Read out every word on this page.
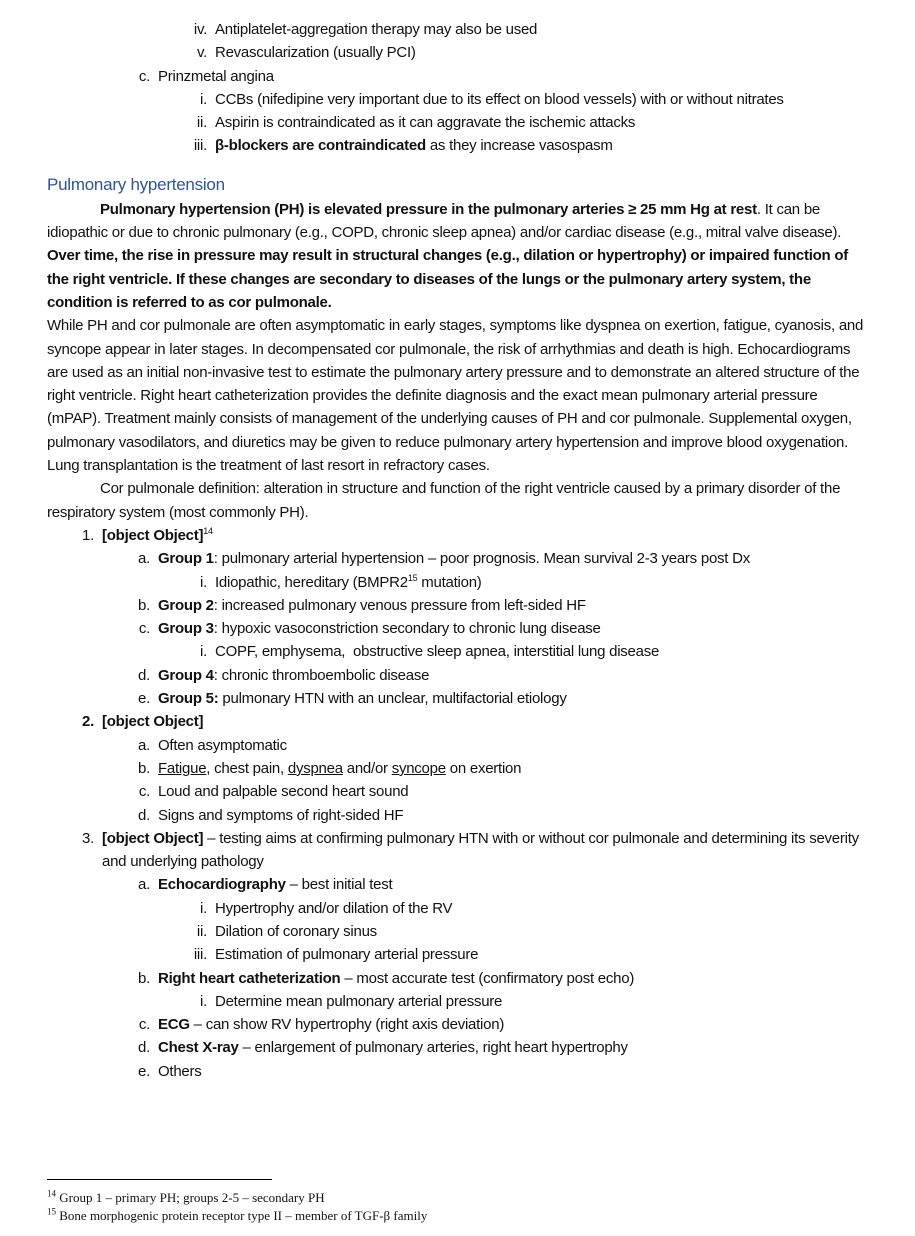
iv. Antiplatelet-aggregation therapy may also be used
v. Revascularization (usually PCI)
c. Prinzmetal angina
i. CCBs (nifedipine very important due to its effect on blood vessels) with or without nitrates
ii. Aspirin is contraindicated as it can aggravate the ischemic attacks
iii. β-blockers are contraindicated as they increase vasospasm
Pulmonary hypertension

Pulmonary hypertension (PH) is elevated pressure in the pulmonary arteries ≥ 25 mm Hg at rest. It can be idiopathic or due to chronic pulmonary (e.g., COPD, chronic sleep apnea) and/or cardiac disease (e.g., mitral valve disease). Over time, the rise in pressure may result in structural changes (e.g., dilation or hypertrophy) or impaired function of the right ventricle. If these changes are secondary to diseases of the lungs or the pulmonary artery system, the condition is referred to as cor pulmonale.

While PH and cor pulmonale are often asymptomatic in early stages, symptoms like dyspnea on exertion, fatigue, cyanosis, and syncope appear in later stages. In decompensated cor pulmonale, the risk of arrhythmias and death is high. Echocardiograms are used as an initial non-invasive test to estimate the pulmonary artery pressure and to demonstrate an altered structure of the right ventricle. Right heart catheterization provides the definite diagnosis and the exact mean pulmonary arterial pressure (mPAP). Treatment mainly consists of management of the underlying causes of PH and cor pulmonale. Supplemental oxygen, pulmonary vasodilators, and diuretics may be given to reduce pulmonary artery hypertension and improve blood oxygenation. Lung transplantation is the treatment of last resort in refractory cases.

Cor pulmonale definition: alteration in structure and function of the right ventricle caused by a primary disorder of the respiratory system (most commonly PH).

1. [object Object]$^{14}$
a. Group 1: pulmonary arterial hypertension – poor prognosis. Mean survival 2-3 years post Dx
i. Idiopathic, hereditary ($BMPR2^{15}$ mutation)
b. Group 2: increased pulmonary venous pressure from left-sided HF
c. Group 3: hypoxic vasoconstriction secondary to chronic lung disease
i. COPF, emphysema,  obstructive sleep apnea, interstitial lung disease
d. Group 4: chronic thromboembolic disease
e. Group 5: pulmonary HTN with an unclear, multifactorial etiology
2. [object Object]
a. Often asymptomatic
b. Fatigue, chest pain, dyspnea and/or syncope on exertion
c. Loud and palpable second heart sound
d. Signs and symptoms of right-sided HF
3. [object Object] – testing aims at confirming pulmonary HTN with or without cor pulmonale and determining its severity and underlying pathology
a. Echocardiography – best initial test
i. Hypertrophy and/or dilation of the RV
ii. Dilation of coronary sinus
iii. Estimation of pulmonary arterial pressure
b. Right heart catheterization – most accurate test (confirmatory post echo)
i. Determine mean pulmonary arterial pressure
c. ECG – can show RV hypertrophy (right axis deviation)
d. Chest X-ray – enlargement of pulmonary arteries, right heart hypertrophy
e. Others
$^{14}$ Group 1 – primary PH; groups 2-5 – secondary PH
$^{15}$ Bone morphogenic protein receptor type II – member of TGF-β family
